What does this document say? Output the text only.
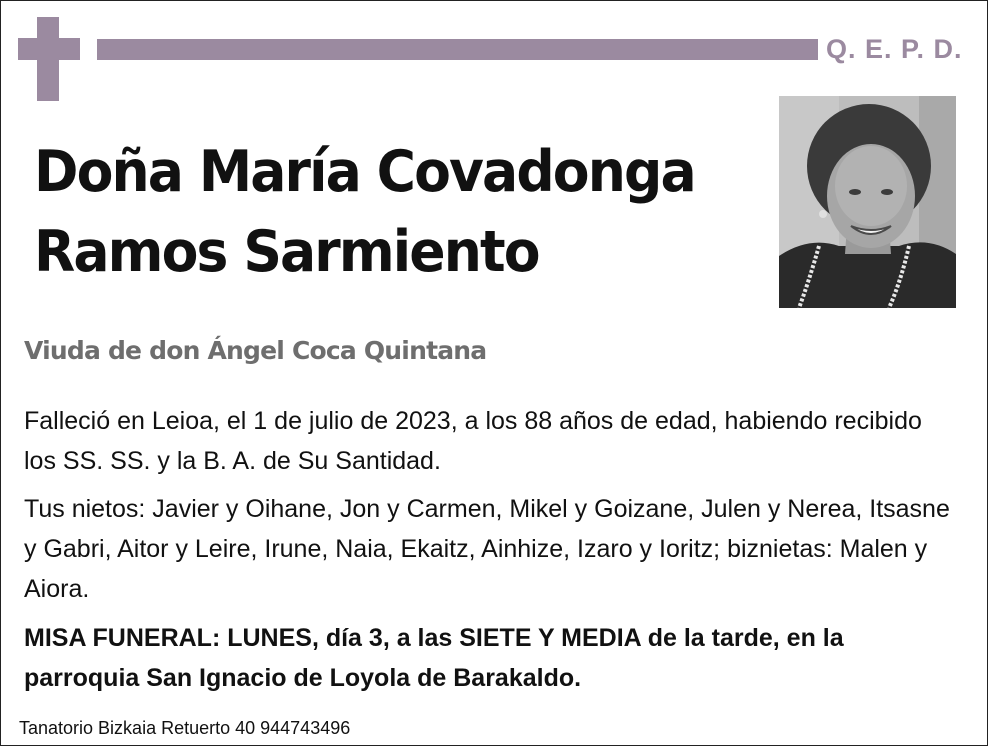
Q. E. P. D.
Doña María Covadonga
Ramos Sarmiento
Viuda de don Ángel Coca Quintana
Falleció en Leioa, el 1 de julio de 2023, a los 88 años de edad, habiendo recibido los SS. SS. y la B. A. de Su Santidad.
Tus nietos: Javier y Oihane, Jon y Carmen, Mikel y Goizane, Julen y Nerea, Itsasne y Gabri, Aitor y Leire, Irune, Naia, Ekaitz, Ainhize, Izaro y Ioritz; biznietas: Malen y Aiora.
MISA FUNERAL: LUNES, día 3, a las SIETE Y MEDIA de la tarde, en la parroquia San Ignacio de Loyola de Barakaldo.
Tanatorio Bizkaia Retuerto 40 944743496
